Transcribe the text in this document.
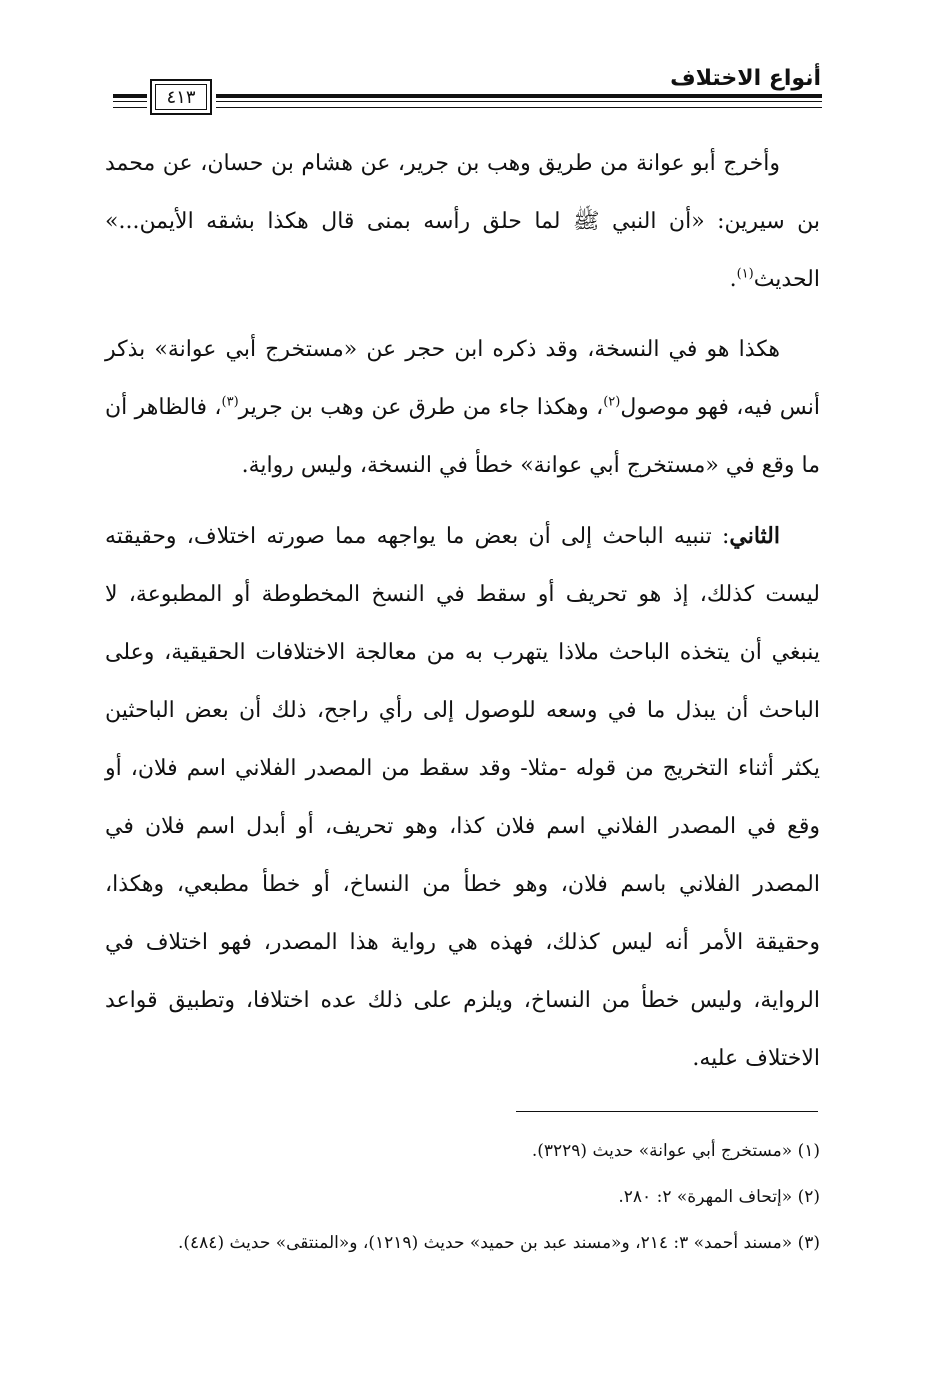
أنواع الاختلاف
٤١٣

وأخرج أبو عوانة من طريق وهب بن جرير، عن هشام بن حسان، عن محمد بن سيرين: «أن النبي ﷺ لما حلق رأسه بمنى قال هكذا بشقه الأيمن...» الحديث$^{(١)}$.

هكذا هو في النسخة، وقد ذكره ابن حجر عن «مستخرج أبي عوانة» بذكر أنس فيه، فهو موصول$^{(٢)}$، وهكذا جاء من طرق عن وهب بن جرير$^{(٣)}$، فالظاهر أن ما وقع في «مستخرج أبي عوانة» خطأ في النسخة، وليس رواية.

الثاني: تنبيه الباحث إلى أن بعض ما يواجهه مما صورته اختلاف، وحقيقته ليست كذلك، إذ هو تحريف أو سقط في النسخ المخطوطة أو المطبوعة، لا ينبغي أن يتخذه الباحث ملاذا يتهرب به من معالجة الاختلافات الحقيقية، وعلى الباحث أن يبذل ما في وسعه للوصول إلى رأي راجح، ذلك أن بعض الباحثين يكثر أثناء التخريج من قوله -مثلا- وقد سقط من المصدر الفلاني اسم فلان، أو وقع في المصدر الفلاني اسم فلان كذا، وهو تحريف، أو أبدل اسم فلان في المصدر الفلاني باسم فلان، وهو خطأ من النساخ، أو خطأ مطبعي، وهكذا، وحقيقة الأمر أنه ليس كذلك، فهذه هي رواية هذا المصدر، فهو اختلاف في الرواية، وليس خطأ من النساخ، ويلزم على ذلك عده اختلافا، وتطبيق قواعد الاختلاف عليه.

(١) «مستخرج أبي عوانة» حديث (٣٢٢٩).

(٢) «إتحاف المهرة» ٢: ٢٨٠.

(٣) «مسند أحمد» ٣: ٢١٤، و«مسند عبد بن حميد» حديث (١٢١٩)، و«المنتقى» حديث (٤٨٤).
